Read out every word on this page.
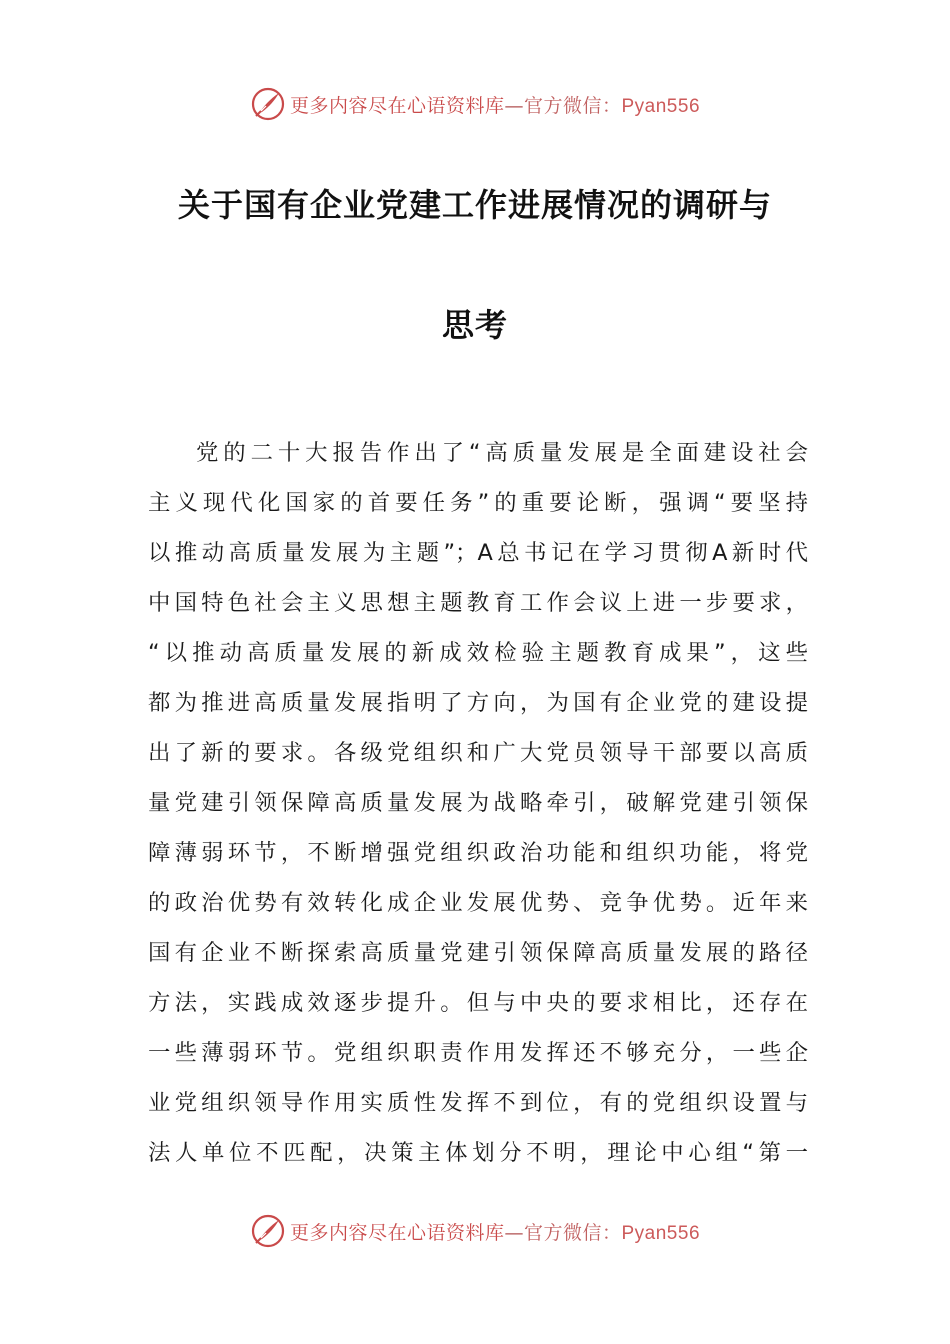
更多内容尽在心语资料库—官方微信：Pyan556
关于国有企业党建工作进展情况的调研与
思考
党的二十大报告作出了“高质量发展是全面建设社会
主义现代化国家的首要任务”的重要论断，强调“要坚持
以推动高质量发展为主题”；A总书记在学习贯彻A新时代
中国特色社会主义思想主题教育工作会议上进一步要求，
“以推动高质量发展的新成效检验主题教育成果”，这些
都为推进高质量发展指明了方向，为国有企业党的建设提
出了新的要求。各级党组织和广大党员领导干部要以高质
量党建引领保障高质量发展为战略牵引，破解党建引领保
障薄弱环节，不断增强党组织政治功能和组织功能，将党
的政治优势有效转化成企业发展优势、竞争优势。近年来
国有企业不断探索高质量党建引领保障高质量发展的路径
方法，实践成效逐步提升。但与中央的要求相比，还存在
一些薄弱环节。党组织职责作用发挥还不够充分，一些企
业党组织领导作用实质性发挥不到位，有的党组织设置与
法人单位不匹配，决策主体划分不明，理论中心组“第一
更多内容尽在心语资料库—官方微信：Pyan556
